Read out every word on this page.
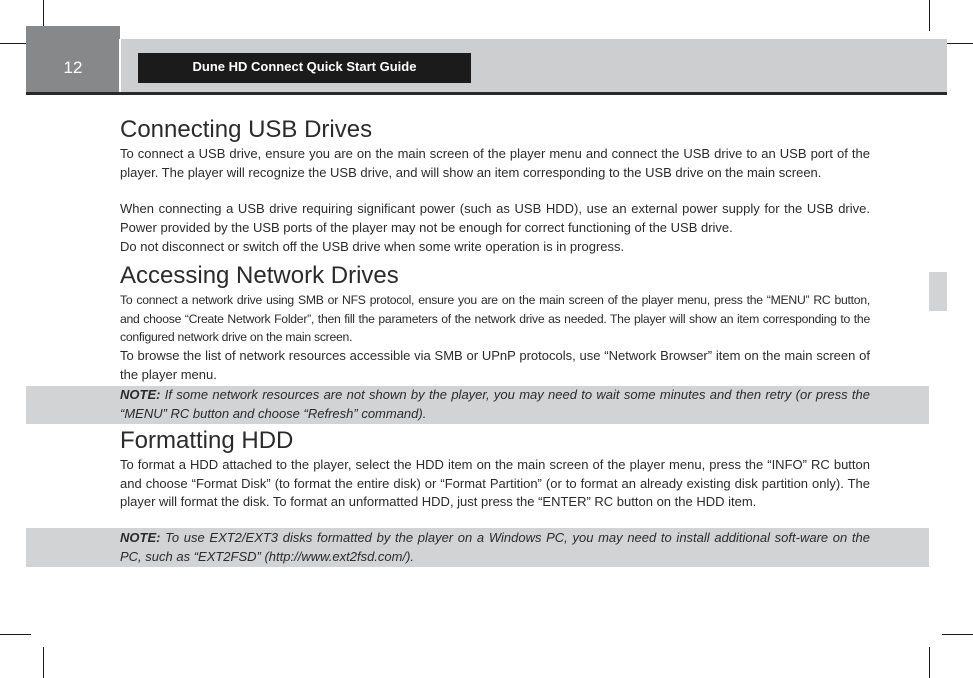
12	Dune HD Connect Quick Start Guide
Connecting USB Drives

To connect a USB drive, ensure you are on the main screen of the player menu and connect the USB drive to an USB port of the player. The player will recognize the USB drive, and will show an item corresponding to the USB drive on the main screen.

When connecting a USB drive requiring significant power (such as USB HDD), use an external power supply for the USB drive. Power provided by the USB ports of the player may not be enough for correct functioning of the USB drive.

Do not disconnect or switch off the USB drive when some write operation is in progress.

Accessing Network Drives

To connect a network drive using SMB or NFS protocol, ensure you are on the main screen of the player menu, press the “MENU” RC button, and choose “Create Network Folder”, then fill the parameters of the network drive as needed. The player will show an item corresponding to the configured network drive on the main screen.

To browse the list of network resources accessible via SMB or UPnP protocols, use “Network Browser” item on the main screen of the player menu.

NOTE: If some network resources are not shown by the player, you may need to wait some minutes and then retry (or press the “MENU” RC button and choose “Refresh” command).

Formatting HDD

To format a HDD attached to the player, select the HDD item on the main screen of the player menu, press the “INFO” RC button and choose “Format Disk” (to format the entire disk) or “Format Partition” (or to format an already existing disk partition only). The player will format the disk. To format an unformatted HDD, just press the “ENTER” RC button on the HDD item.

NOTE: To use EXT2/EXT3 disks formatted by the player on a Windows PC, you may need to install additional soft-ware on the PC, such as “EXT2FSD” (http://www.ext2fsd.com/).
